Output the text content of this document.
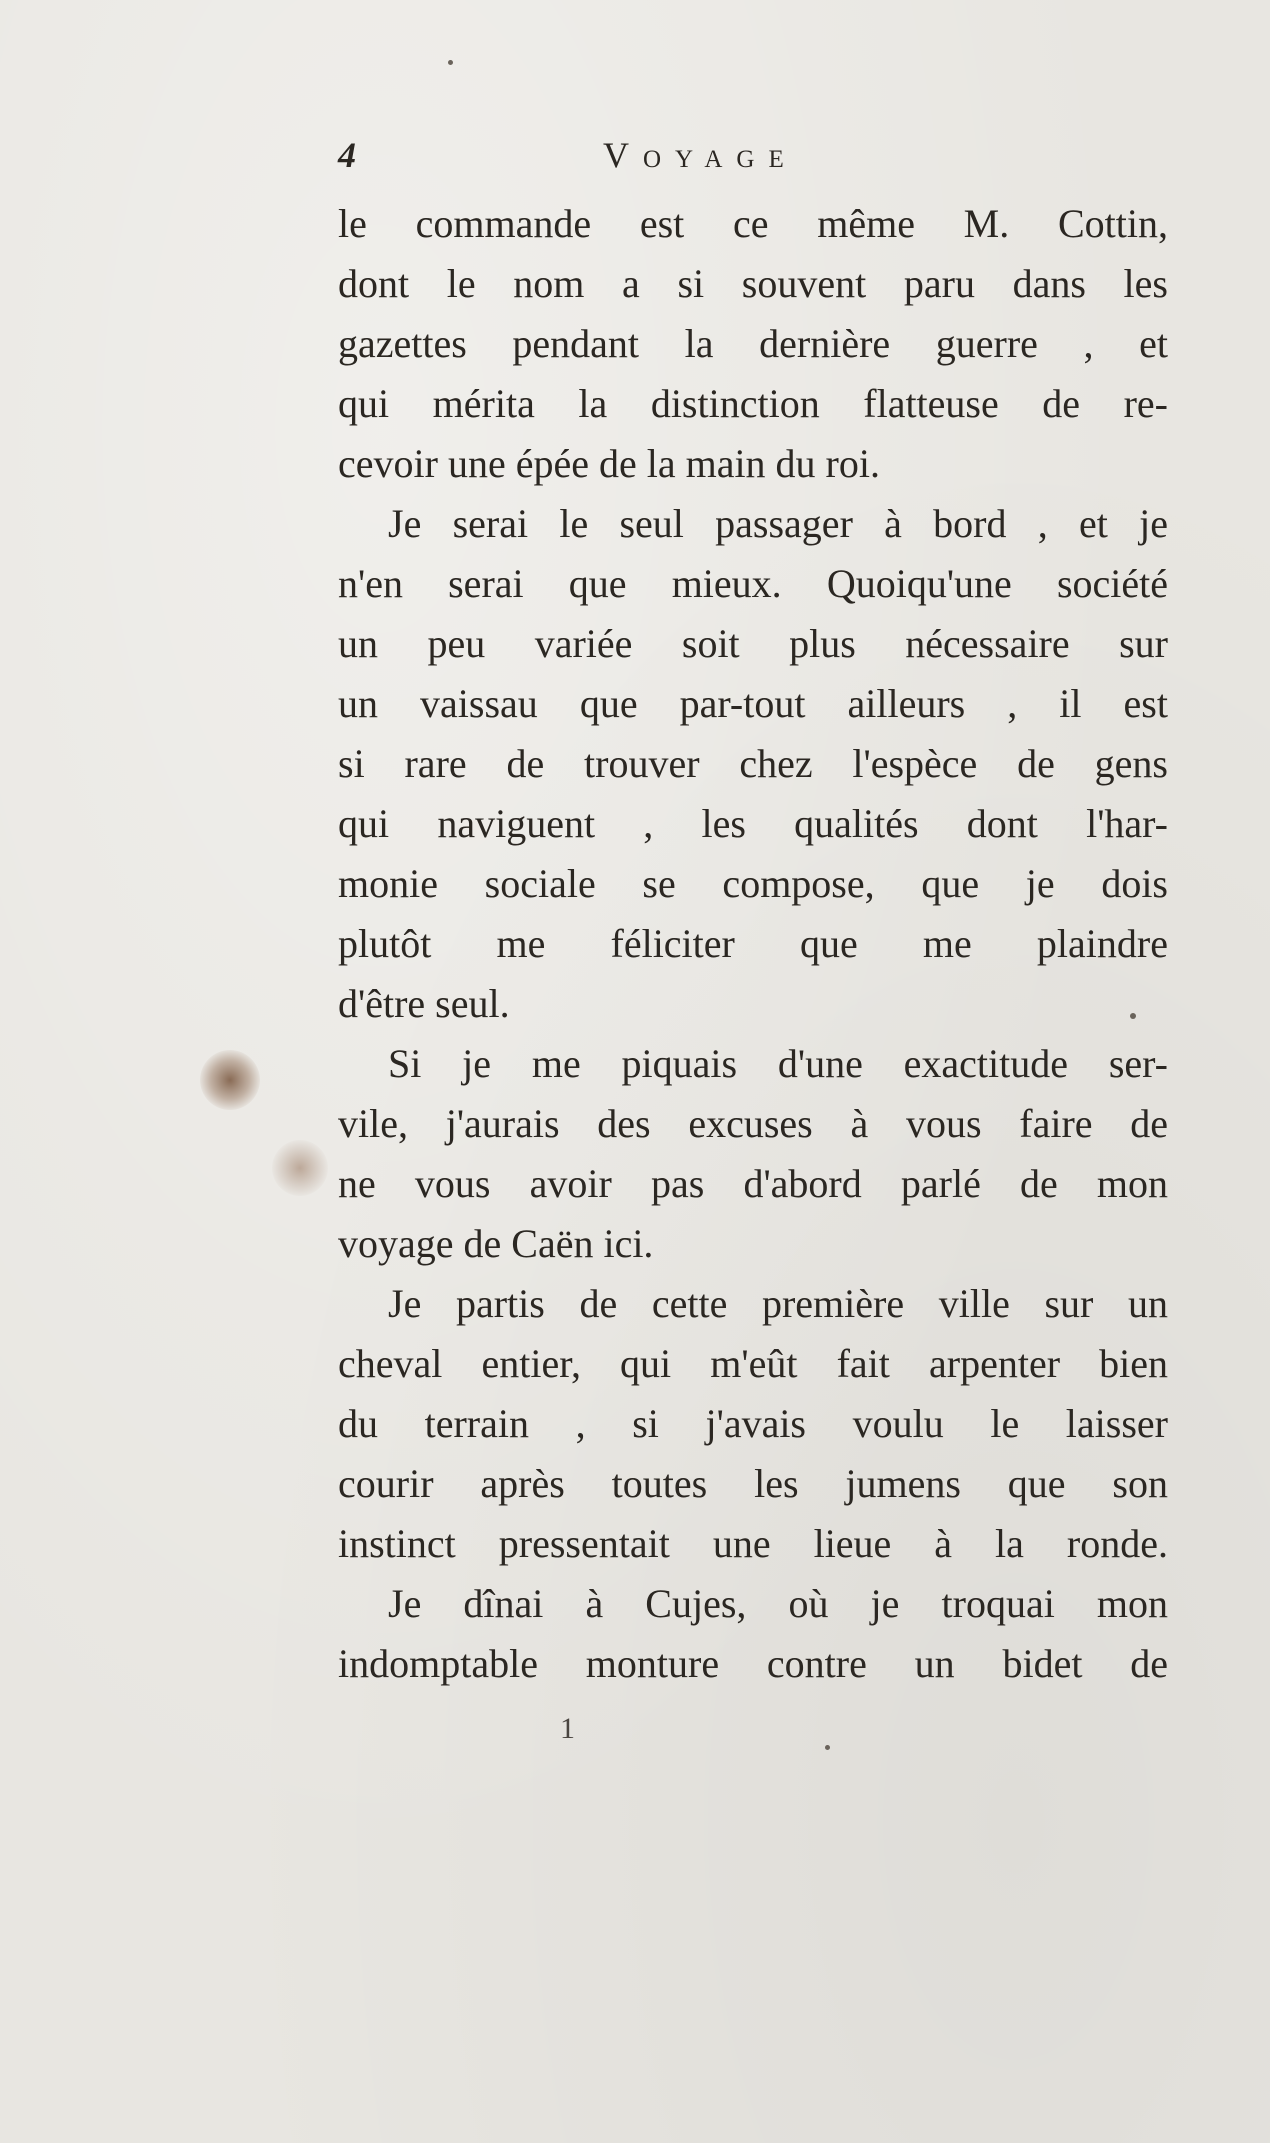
4	Voyage
le commande est ce même M. Cottin,
dont le nom a si souvent paru dans les
gazettes pendant la dernière guerre , et
qui mérita la distinction flatteuse de re-
cevoir une épée de la main du roi.
Je serai le seul passager à bord , et je
n'en serai que mieux. Quoiqu'une société
un peu variée soit plus nécessaire sur
un vaissau que par-tout ailleurs , il est
si rare de trouver chez l'espèce de gens
qui naviguent , les qualités dont l'har-
monie sociale se compose, que je dois
plutôt me féliciter que me plaindre
d'être seul.
Si je me piquais d'une exactitude ser-
vile, j'aurais des excuses à vous faire de
ne vous avoir pas d'abord parlé de mon
voyage de Caën ici.
Je partis de cette première ville sur un
cheval entier, qui m'eût fait arpenter bien
du terrain , si j'avais voulu le laisser
courir après toutes les jumens que son
instinct pressentait une lieue à la ronde.
Je dînai à Cujes, où je troquai mon
indomptable monture contre un bidet de
1
